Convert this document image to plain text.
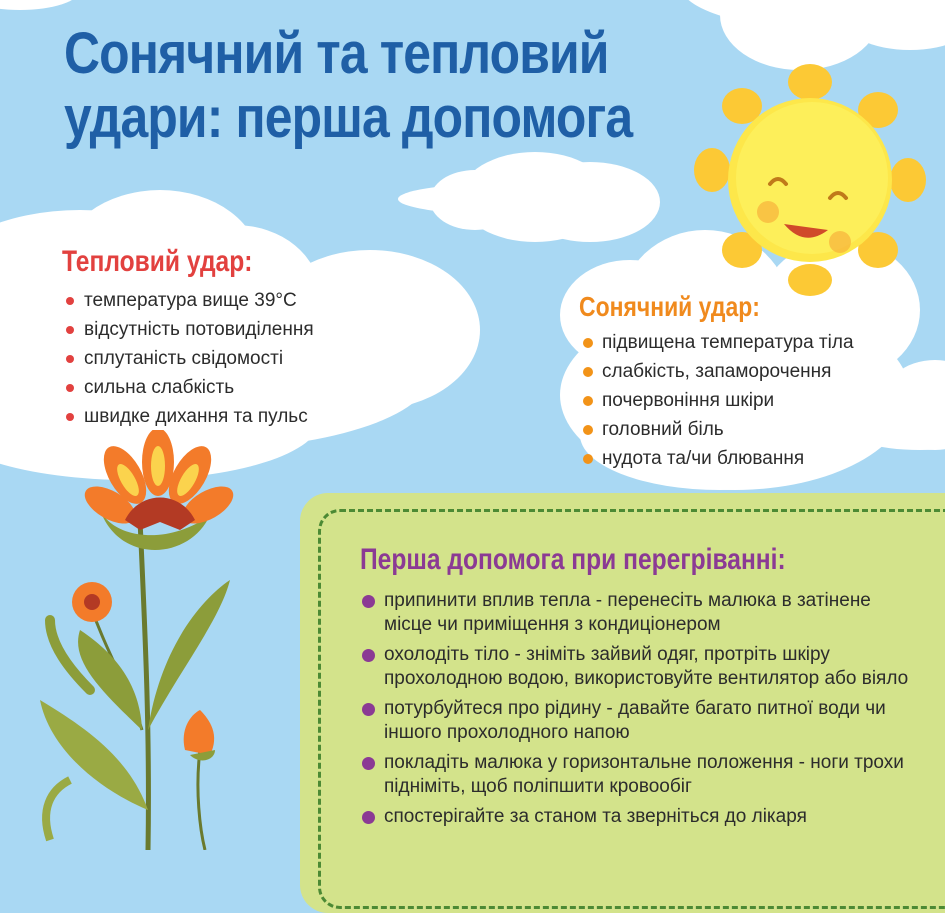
Сонячний та тепловий удари: перша допомога
Тепловий удар:
температура вище 39°С
відсутність потовиділення
сплутаність свідомості
сильна слабкість
швидке дихання та пульс
Сонячний удар:
підвищена температура тіла
слабкість, запаморочення
почервоніння шкіри
головний біль
нудота та/чи блювання
Перша допомога при перегріванні:
припинити вплив тепла - перенесіть малюка в затінене місце чи приміщення з кондиціонером
охолодіть тіло - зніміть зайвий одяг, протріть шкіру прохолодною водою, використовуйте вентилятор або віяло
потурбуйтеся про рідину - давайте багато питної води чи іншого прохолодного напою
покладіть малюка у горизонтальне положення - ноги трохи підніміть, щоб поліпшити кровообіг
спостерігайте за станом та зверніться до лікаря
